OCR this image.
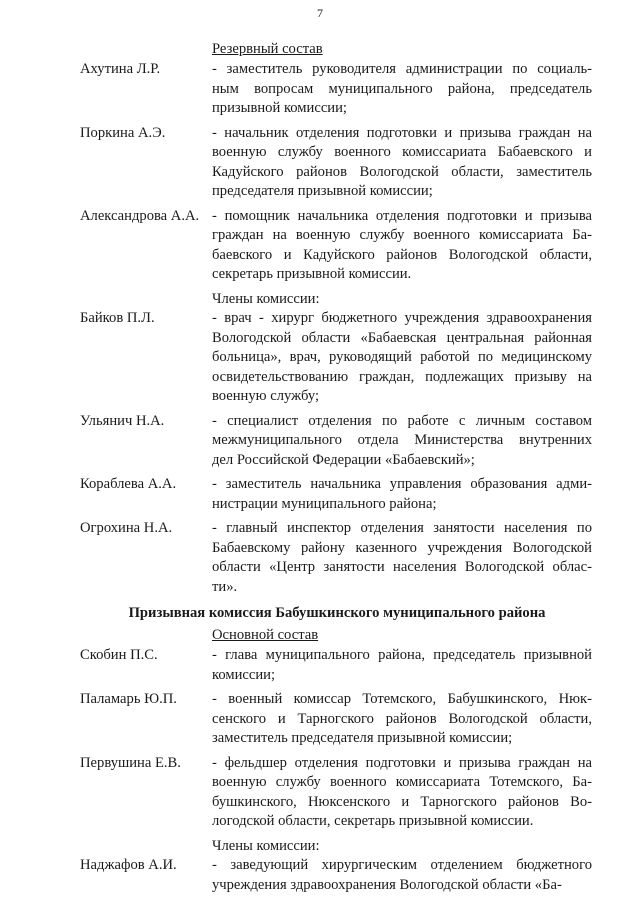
7
Резервный состав
Ахутина Л.Р.	- заместитель руководителя администрации по социаль-
ным вопросам муниципального района, председатель
призывной комиссии;
Поркина А.Э.	- начальник отделения подготовки и призыва граждан на
военную службу военного комиссариата Бабаевского и
Кадуйского районов Вологодской области, заместитель
председателя призывной комиссии;
Александрова А.А. - помощник начальника отделения подготовки и призыва
граждан на военную службу военного комиссариата Ба-
баевского и Кадуйского районов Вологодской области,
секретарь призывной комиссии.
Члены комиссии:
Байков П.Л.	- врач - хирург бюджетного учреждения здравоохранения
Вологодской области «Бабаевская центральная районная
больница», врач, руководящий работой по медицинскому
освидетельствованию граждан, подлежащих призыву на
военную службу;
Ульянич Н.А.	- специалист отделения по работе с личным составом
межмуниципального отдела Министерства внутренних
дел Российской Федерации «Бабаевский»;
Кораблева А.А.	- заместитель начальника управления образования адми-
нистрации муниципального района;
Огрохина Н.А.	- главный инспектор отделения занятости населения по
Бабаевскому району казенного учреждения Вологодской
области «Центр занятости населения Вологодской облас-
ти».
Призывная комиссия Бабушкинского муниципального района
Основной состав
Скобин П.С.	- глава муниципального района, председатель призывной
комиссии;
Паламарь Ю.П.	- военный комиссар Тотемского, Бабушкинского, Нюк-
сенского и Тарногского районов Вологодской области,
заместитель председателя призывной комиссии;
Первушина Е.В.	- фельдшер отделения подготовки и призыва граждан на
военную службу военного комиссариата Тотемского, Ба-
бушкинского, Нюксенского и Тарногского районов Во-
логодской области, секретарь призывной комиссии.
Члены комиссии:
Наджафов А.И.	- заведующий хирургическим отделением бюджетного
учреждения здравоохранения Вологодской области «Ба-
